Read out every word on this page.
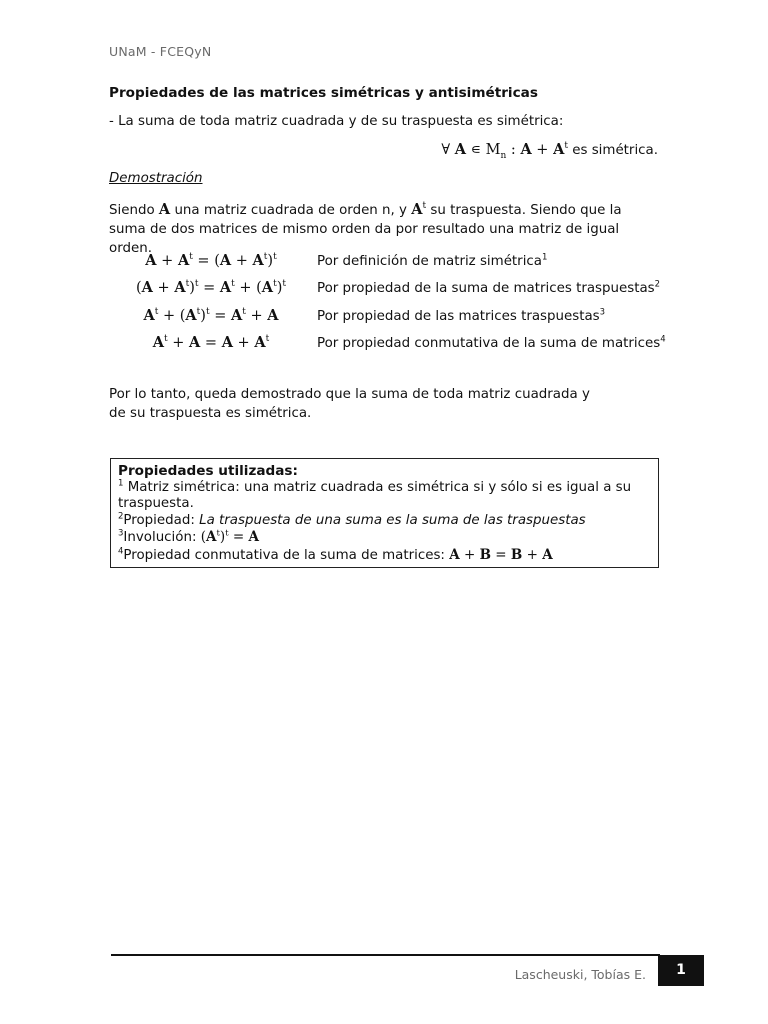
UNaM - FCEQyN
Propiedades de las matrices simétricas y antisimétricas
- La suma de toda matriz cuadrada y de su traspuesta es simétrica:
∀ A ∊ $M_n$ : $A + A^t$ es simétrica.
Demostración
Siendo A una matriz cuadrada de orden n, y $A^t$ su traspuesta. Siendo que la suma de dos matrices de mismo orden da por resultado una matriz de igual orden.
$A + A^t = (A + A^t)^t$	Por definición de matriz simétrica$^1$
$(A + A^t)^t = A^t + (A^t)^t$	Por propiedad de la suma de matrices traspuestas$^2$
$A^t + (A^t)^t = A^t + A$	Por propiedad de las matrices traspuestas$^3$
$A^t + A = A + A^t$	Por propiedad conmutativa de la suma de matrices$^4$
Por lo tanto, queda demostrado que la suma de toda matriz cuadrada y de su traspuesta es simétrica.
Propiedades utilizadas:
$^1$ Matriz simétrica: una matriz cuadrada es simétrica si y sólo si es igual a su traspuesta.
$^2$Propiedad: La traspuesta de una suma es la suma de las traspuestas
$^3$Involución: $(A^t)^t = A$
$^4$Propiedad conmutativa de la suma de matrices: A + B = B + A
Lascheuski, Tobías E.	1
